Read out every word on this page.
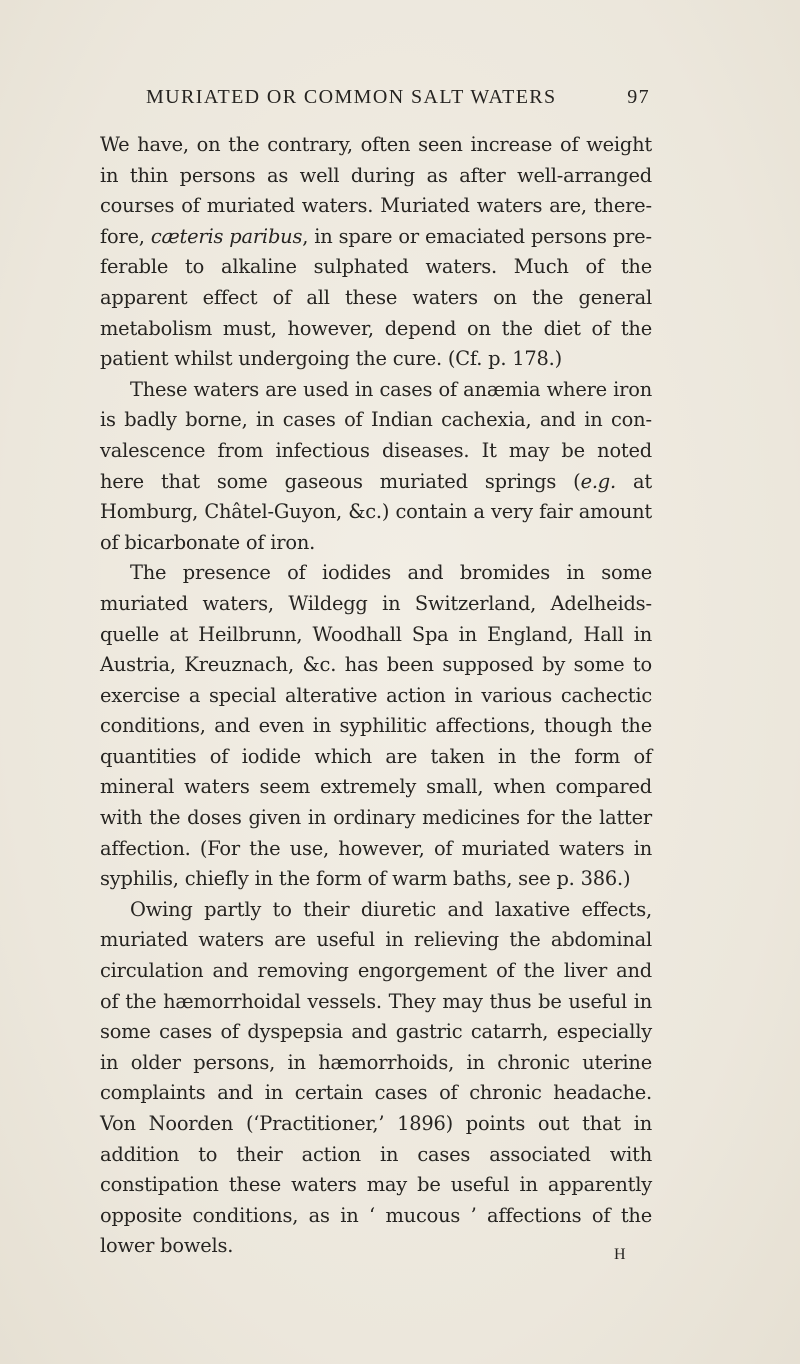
MURIATED OR COMMON SALT WATERS	97

We have, on the contrary, often seen increase of weight in thin persons as well during as after well-arranged courses of muriated waters. Muriated waters are, therefore, cæteris paribus, in spare or emaciated persons preferable to alkaline sulphated waters. Much of the apparent effect of all these waters on the general metabolism must, however, depend on the diet of the patient whilst undergoing the cure. (Cf. p. 178.)

These waters are used in cases of anæmia where iron is badly borne, in cases of Indian cachexia, and in convalescence from infectious diseases. It may be noted here that some gaseous muriated springs (e.g. at Homburg, Châtel-Guyon, &c.) contain a very fair amount of bicarbonate of iron.

The presence of iodides and bromides in some muriated waters, Wildegg in Switzerland, Adelheidsquelle at Heilbrunn, Woodhall Spa in England, Hall in Austria, Kreuznach, &c. has been supposed by some to exercise a special alterative action in various cachectic conditions, and even in syphilitic affections, though the quantities of iodide which are taken in the form of mineral waters seem extremely small, when compared with the doses given in ordinary medicines for the latter affection. (For the use, however, of muriated waters in syphilis, chiefly in the form of warm baths, see p. 386.)

Owing partly to their diuretic and laxative effects, muriated waters are useful in relieving the abdominal circulation and removing engorgement of the liver and of the hæmorrhoidal vessels. They may thus be useful in some cases of dyspepsia and gastric catarrh, especially in older persons, in hæmorrhoids, in chronic uterine complaints and in certain cases of chronic headache. Von Noorden (‘Practitioner,’ 1896) points out that in addition to their action in cases associated with constipation these waters may be useful in apparently opposite conditions, as in ‘ mucous ’ affections of the lower bowels.	H
